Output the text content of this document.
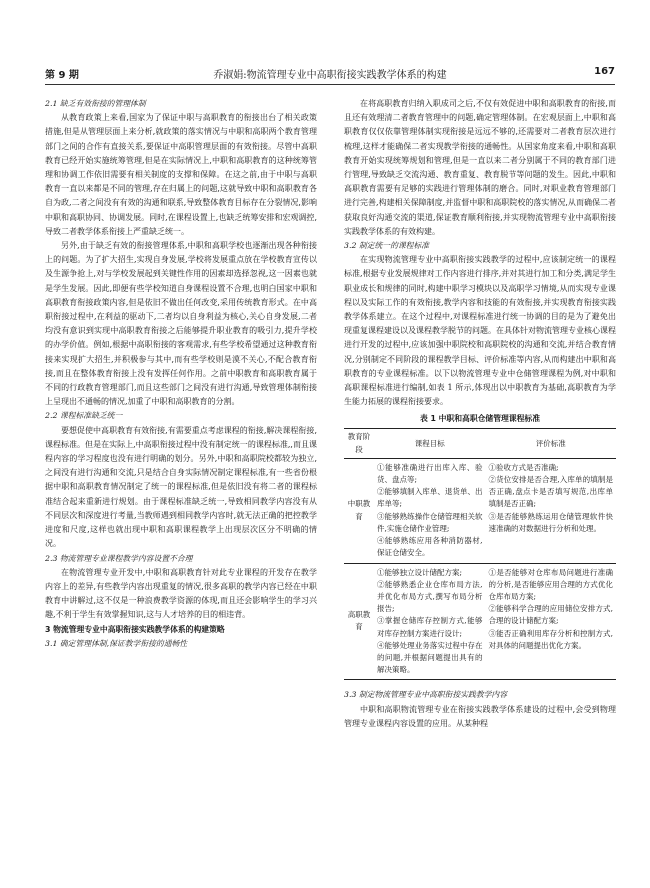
第 9 期	乔淑娟:物流管理专业中高职衔接实践教学体系的构建	167
2.1 缺乏有效衔接的管理体制

从教育政策上来看,国家为了保证中职与高职教育的衔接出台了相关政策措施,但是从管理层面上来分析,就政策的落实情况与中职和高职两个教育管理部门之间的合作有直接关系,要保证中高职管理层面的有效衔接。尽管中高职教育已经开始实施统筹管理,但是在实际情况上,中职和高职教育的这种统筹管理和协调工作依旧需要有相关制度的支撑和保障。在这之前,由于中职与高职教育一直以来都是不同的管理,存在归属上的问题,这就导致中职和高职教育各自为政,二者之间没有有效的沟通和联系,导致整体教育目标存在分裂情况,影响中职和高职协同、协调发展。同时,在课程设置上,也缺乏统筹安排和宏观调控,导致二者教学体系衔接上严重缺乏统一。

另外,由于缺乏有效的衔接管理体系,中职和高职学校也逐渐出现各种衔接上的问题。为了扩大招生,实现自身发展,学校将发展重点放在学校教育宣传以及生源争抢上,对与学校发展起到关键性作用的因素却选择忽视,这一因素也就是学生发展。因此,即便有些学校知道自身课程设置不合理,也明白国家中职和高职教育衔接政策内容,但是依旧不做出任何改变,采用传统教育形式。在中高职衔接过程中,在利益的驱动下,二者均以自身利益为核心,关心自身发展,二者均没有意识到实现中高职教育衔接之后能够提升职业教育的吸引力,提升学校的办学价值。例如,根据中高职衔接的客观需求,有些学校希望通过这种教育衔接来实现扩大招生,并积极参与其中,而有些学校则是漠不关心,不配合教育衔接,而且在整体教育衔接上没有发挥任何作用。之前中职教育和高职教育属于不同的行政教育管理部门,而且这些部门之间没有进行沟通,导致管理体制衔接上呈现出不通畅的情况,加重了中职和高职教育的分割。

2.2 课程标准缺乏统一

要想促使中高职教育有效衔接,有需要重点考虑课程的衔接,解决课程衔接,课程标准。但是在实际上,中高职衔接过程中没有制定统一的课程标准,,而且课程内容的学习程度也没有进行明确的划分。另外,中职和高职院校都较为独立,之间没有进行沟通和交流,只是结合自身实际情况制定课程标准,有一些省份根据中职和高职教育情况制定了统一的课程标准,但是依旧没有将二者的课程标准结合起来重新进行规划。由于课程标准缺乏统一,导致相同教学内容没有从不同层次和深度进行考量,当教师遇到相同教学内容时,就无法正确的把控教学进度和尺度,这样也就出现中职和高职课程教学上出现层次区分不明确的情况。

2.3 物流管理专业课程教学内容设置不合理

在物流管理专业开发中,中职和高职教育针对此专业课程的开发存在教学内容上的差异,有些教学内容出现重复的情况,很多高职的教学内容已经在中职教育中讲解过,这不仅是一种浪费教学资源的体现,而且还会影响学生的学习兴趣,不利于学生有效掌握知识,这与人才培养的目的相违背。

3 物流管理专业中高职衔接实践教学体系的构建策略
3.1 确定管理体制,保证教学衔接的通畅性

在将高职教育归纳入职成司之后,不仅有效促进中职和高职教育的衔接,而且还有效理清二者教育管理中的问题,确定管理体制。在宏观层面上,中职和高职教育仅仅依靠管理体制实现衔接是远远不够的,还需要对二者教育层次进行梳理,这样才能确保二者实现教学衔接的通畅性。从国家角度来看,中职和高职教育开始实现统筹规划和管理,但是一直以来二者分别属于不同的教育部门进行管理,导致缺乏交流沟通、教育重复、教育脱节等问题的发生。因此,中职和高职教育需要有足够的实践进行管理体制的磨合。同时,对职业教育管理部门进行完善,构建相关保障制度,并监督中职和高职院校的落实情况,从而确保二者获取良好沟通交流的渠道,保证教育顺利衔接,并实现物流管理专业中高职衔接实践教学体系的有效构建。

3.2 制定统一的课程标准

在实现物流管理专业中高职衔接实践教学的过程中,应该制定统一的课程标准,根据专业发展规律对工作内容进行排序,并对其进行加工和分类,满足学生职业成长和规律的同时,构建中职学习模块以及高职学习情境,从而实现专业课程以及实际工作的有效衔接,教学内容和技能的有效衔接,并实现教育衔接实践教学体系建立。在这个过程中,对课程标准进行统一协调的目的是为了避免出现重复课程建设以及课程教学脱节的问题。在具体针对物流管理专业核心课程进行开发的过程中,应该加强中职院校和高职院校的沟通和交流,并结合教育情况,分别制定不同阶段的课程教学目标、评价标准等内容,从而构建出中职和高职教育的专业课程标准。以下以物流管理专业中仓储管理课程为例,对中职和高职课程标准进行编制,如表 1 所示,体现出以中职教育为基础,高职教育为学生能力拓展的课程衔接要求。

表 1 中职和高职仓储管理课程标准
教育阶段	课程目标	评价标准
中职教育	①能够准确进行出库入库、验货、盘点等;
②能够填制入库单、退货单、出库单等;
③能够熟练操作仓储管理相关软件,实施仓储作业管理;
④能够熟练应用各种消防器材,保证仓储安全。	①验收方式是否准确;
②货位安排是否合理,入库单的填制是否正确,盘点卡是否填写规范,出库单填制是否正确;
③是否能够熟练运用仓储管理软件快速准确的对数据进行分析和处理。

高职教育	①能够独立设计储配方案;
②能够熟悉企业仓库布局方法,并优化布局方式,撰写布局分析报告;
③掌握仓储库存控制方式,能够对库存控制方案进行设计;
④能够处理业务落实过程中存在的问题,并根据问题提出具有的解决策略。	①是否能够对仓库布局问题进行准确的分析,是否能够应用合理的方式优化仓库布局方案;
②能够科学合理的应用储位安排方式,合理的设计储配方案;
③能否正确利用库存分析和控制方式,对具体的问题提出优化方案。
3.3 制定物流管理专业中高职衔接实践教学内容

中职和高职物流管理专业在衔接实践教学体系建设的过程中,会受到物理管理专业课程内容设置的应用。从某种程
